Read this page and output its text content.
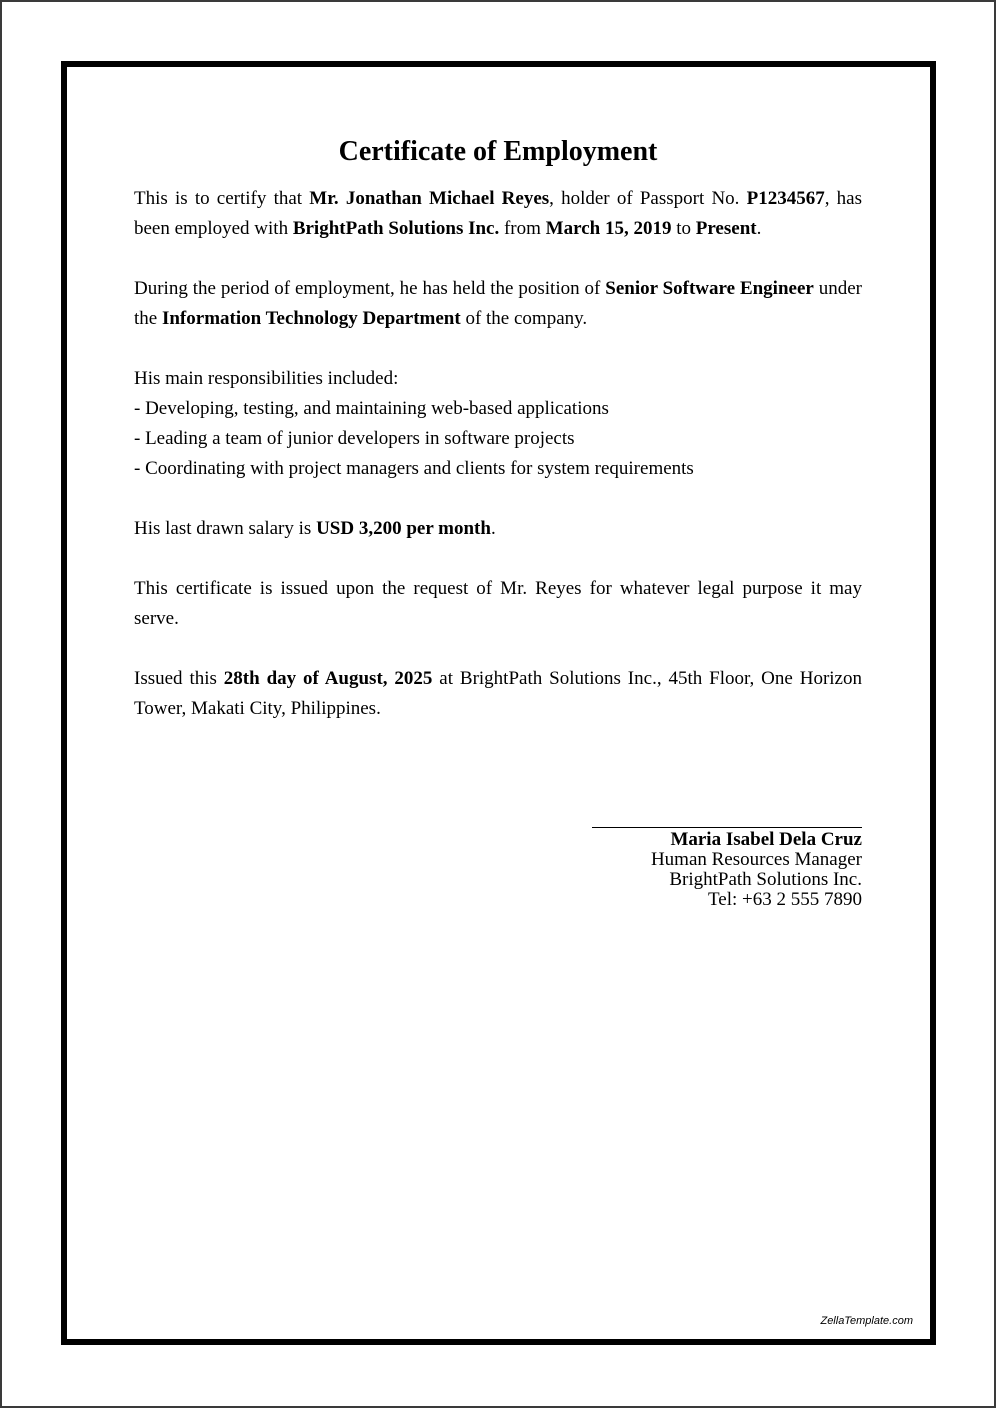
Certificate of Employment

This is to certify that Mr. Jonathan Michael Reyes, holder of Passport No. P1234567, has been employed with BrightPath Solutions Inc. from March 15, 2019 to Present.

During the period of employment, he has held the position of Senior Software Engineer under the Information Technology Department of the company.

His main responsibilities included:

- Developing, testing, and maintaining web-based applications
- Leading a team of junior developers in software projects
- Coordinating with project managers and clients for system requirements

His last drawn salary is USD 3,200 per month.

This certificate is issued upon the request of Mr. Reyes for whatever legal purpose it may serve.

Issued this 28th day of August, 2025 at BrightPath Solutions Inc., 45th Floor, One Horizon Tower, Makati City, Philippines.

Maria Isabel Dela Cruz
Human Resources Manager
BrightPath Solutions Inc.
Tel: +63 2 555 7890
ZellaTemplate.com
